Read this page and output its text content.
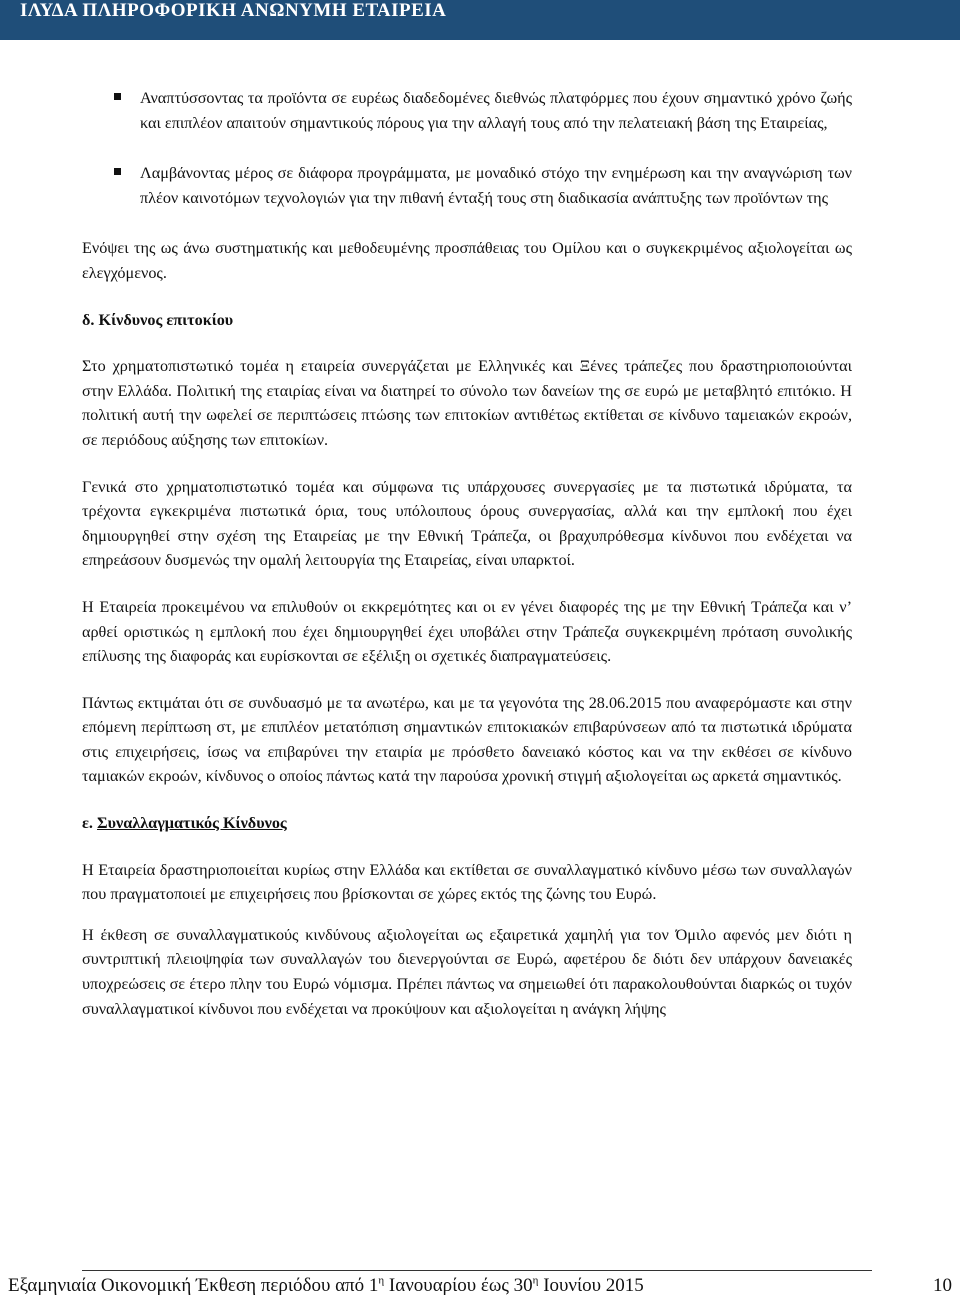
ΙΛΥΔΑ ΠΛΗΡΟΦΟΡΙΚΗ ΑΝΩΝΥΜΗ ΕΤΑΙΡΕΙΑ
Αναπτύσσοντας τα προϊόντα σε ευρέως διαδεδομένες διεθνώς πλατφόρμες που έχουν σημαντικό χρόνο ζωής και επιπλέον απαιτούν σημαντικούς πόρους για την αλλαγή τους από την πελατειακή βάση της Εταιρείας,
Λαμβάνοντας μέρος σε διάφορα προγράμματα, με μοναδικό στόχο την ενημέρωση και την αναγνώριση των πλέον καινοτόμων τεχνολογιών για την πιθανή ένταξή τους στη διαδικασία ανάπτυξης των προϊόντων της

Ενόψει της ως άνω συστηματικής και μεθοδευμένης προσπάθειας του Ομίλου και ο συγκεκριμένος αξιολογείται ως ελεγχόμενος.

δ. Κίνδυνος επιτοκίου

Στο χρηματοπιστωτικό τομέα η εταιρεία συνεργάζεται με Ελληνικές και Ξένες τράπεζες που δραστηριοποιούνται στην Ελλάδα. Πολιτική της εταιρίας είναι να διατηρεί το σύνολο των δανείων της σε ευρώ με μεταβλητό επιτόκιο. Η πολιτική αυτή την ωφελεί σε περιπτώσεις πτώσης των επιτοκίων αντιθέτως εκτίθεται σε κίνδυνο ταμειακών εκροών, σε περιόδους αύξησης των επιτοκίων.

Γενικά στο χρηματοπιστωτικό τομέα και σύμφωνα τις υπάρχουσες συνεργασίες με τα πιστωτικά ιδρύματα, τα τρέχοντα εγκεκριμένα πιστωτικά όρια, τους υπόλοιπους όρους συνεργασίας, αλλά και την εμπλοκή που έχει δημιουργηθεί στην σχέση της Εταιρείας με την Εθνική Τράπεζα, οι βραχυπρόθεσμα κίνδυνοι που ενδέχεται να επηρεάσουν δυσμενώς την ομαλή λειτουργία της Εταιρείας, είναι υπαρκτοί.

Η Εταιρεία προκειμένου να επιλυθούν οι εκκρεμότητες και οι εν γένει διαφορές της με την Εθνική Τράπεζα και ν’ αρθεί οριστικώς η εμπλοκή που έχει δημιουργηθεί έχει υποβάλει στην Τράπεζα συγκεκριμένη πρόταση συνολικής επίλυσης της διαφοράς και ευρίσκονται σε εξέλιξη οι σχετικές διαπραγματεύσεις.

Πάντως εκτιμάται ότι σε συνδυασμό με τα ανωτέρω, και με τα γεγονότα της 28.06.2015 που αναφερόμαστε και στην επόμενη περίπτωση στ, με επιπλέον μετατόπιση σημαντικών επιτοκιακών επιβαρύνσεων από τα πιστωτικά ιδρύματα στις επιχειρήσεις, ίσως να επιβαρύνει την εταιρία με πρόσθετο δανειακό κόστος και να την εκθέσει σε κίνδυνο ταμιακών εκροών, κίνδυνος ο οποίος πάντως κατά την παρούσα χρονική στιγμή αξιολογείται ως αρκετά σημαντικός.

ε. Συναλλαγματικός Κίνδυνος

Η Εταιρεία δραστηριοποιείται κυρίως στην Ελλάδα και εκτίθεται σε συναλλαγματικό κίνδυνο μέσω των συναλλαγών που πραγματοποιεί με επιχειρήσεις που βρίσκονται σε χώρες εκτός της ζώνης του Ευρώ.

Η έκθεση σε συναλλαγματικούς κινδύνους αξιολογείται ως εξαιρετικά χαμηλή για τον Όμιλο αφενός μεν διότι η συντριπτική πλειοψηφία των συναλλαγών του διενεργούνται σε Ευρώ, αφετέρου δε διότι δεν υπάρχουν δανειακές υποχρεώσεις σε έτερο πλην του Ευρώ νόμισμα. Πρέπει πάντως να σημειωθεί ότι παρακολουθούνται διαρκώς οι τυχόν συναλλαγματικοί κίνδυνοι που ενδέχεται να προκύψουν και αξιολογείται η ανάγκη λήψης

Εξαμηνιαία Οικονομική Έκθεση περιόδου από $1^\eta$ Ιανουαρίου έως $30^\eta$ Ιουνίου 2015	10
